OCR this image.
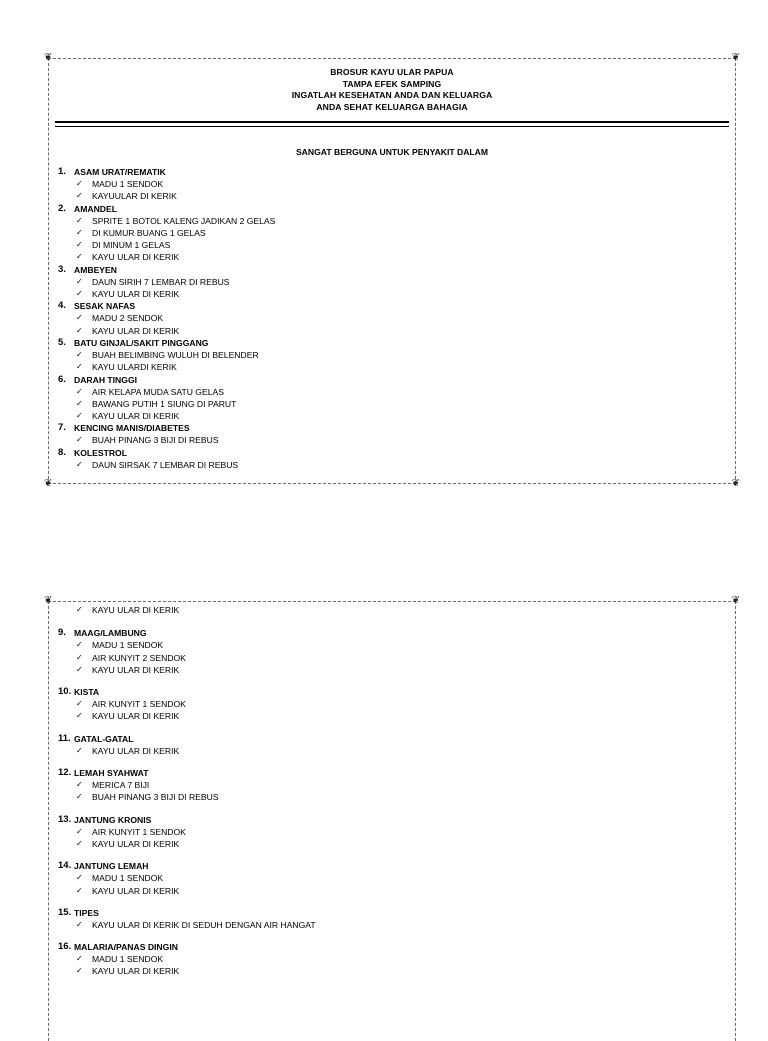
❦	❦
❦	❦
BROSUR KAYU ULAR PAPUA
TAMPA EFEK SAMPING
INGATLAH KESEHATAN ANDA DAN KELUARGA
ANDA SEHAT KELUARGA BAHAGIA
SANGAT BERGUNA UNTUK PENYAKIT DALAM
1. ASAM URAT/REMATIK
✓	MADU 1 SENDOK
✓	KAYUULAR DI KERIK
2. AMANDEL
✓	SPRITE 1 BOTOL KALENG JADIKAN 2 GELAS
✓	DI KUMUR BUANG 1 GELAS
✓	DI MINUM 1 GELAS
✓	KAYU ULAR DI KERIK
3. AMBEYEN
✓	DAUN SIRIH 7 LEMBAR DI REBUS
✓	KAYU ULAR DI KERIK
4. SESAK NAFAS
✓	MADU 2 SENDOK
✓	KAYU ULAR DI KERIK
5. BATU GINJAL/SAKIT PINGGANG
✓	BUAH BELIMBING WULUH DI BELENDER
✓	KAYU ULARDI KERIK
6. DARAH TINGGI
✓	AIR KELAPA MUDA SATU GELAS
✓	BAWANG PUTIH 1 SIUNG DI PARUT
✓	KAYU ULAR DI KERIK
7. KENCING MANIS/DIABETES
✓	BUAH PINANG 3 BIJI DI REBUS
8. KOLESTROL
✓	DAUN SIRSAK 7 LEMBAR DI REBUS
❦	❦
✓	KAYU ULAR DI KERIK
9. MAAG/LAMBUNG
✓	MADU 1 SENDOK
✓	AIR KUNYIT 2 SENDOK
✓	KAYU ULAR DI KERIK
10. KISTA
✓	AIR KUNYIT 1 SENDOK
✓	KAYU ULAR DI KERIK
11. GATAL-GATAL
✓	KAYU ULAR DI KERIK
12. LEMAH SYAHWAT
✓	MERICA 7 BIJI
✓	BUAH PINANG 3 BIJI DI REBUS
13. JANTUNG KRONIS
✓	AIR KUNYIT 1 SENDOK
✓	KAYU ULAR DI KERIK
14. JANTUNG LEMAH
✓	MADU 1 SENDOK
✓	KAYU ULAR DI KERIK
15. TIPES
✓	KAYU ULAR DI KERIK DI SEDUH DENGAN AIR HANGAT
16. MALARIA/PANAS DINGIN
✓	MADU 1 SENDOK
✓	KAYU ULAR DI KERIK
